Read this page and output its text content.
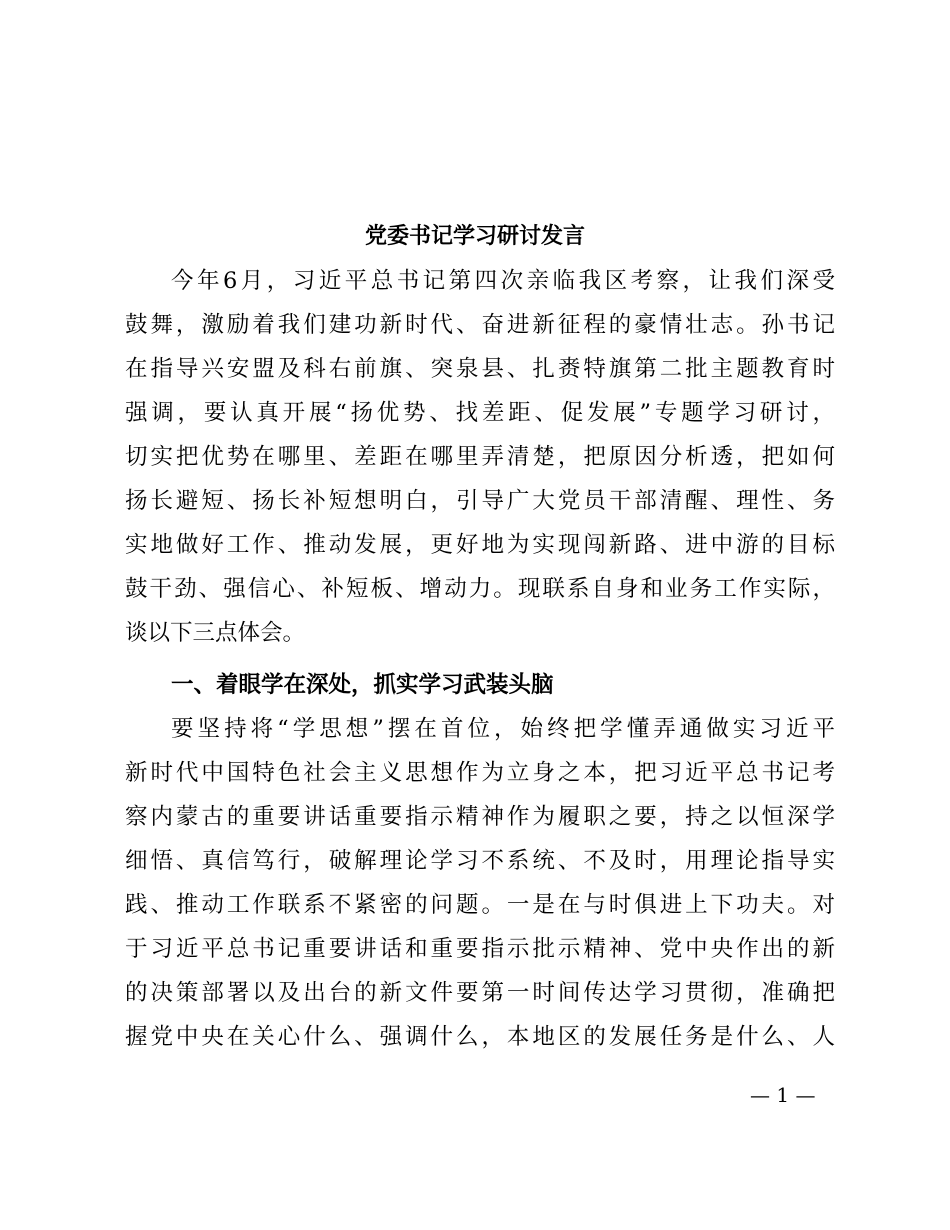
党委书记学习研讨发言

今年6月，习近平总书记第四次亲临我区考察，让我们深受

鼓舞，激励着我们建功新时代、奋进新征程的豪情壮志。孙书记

在指导兴安盟及科右前旗、突泉县、扎赉特旗第二批主题教育时

强调，要认真开展“扬优势、找差距、促发展”专题学习研讨，

切实把优势在哪里、差距在哪里弄清楚，把原因分析透，把如何

扬长避短、扬长补短想明白，引导广大党员干部清醒、理性、务

实地做好工作、推动发展，更好地为实现闯新路、进中游的目标

鼓干劲、强信心、补短板、增动力。现联系自身和业务工作实际，

谈以下三点体会。

一、着眼学在深处，抓实学习武装头脑

要坚持将“学思想”摆在首位，始终把学懂弄通做实习近平

新时代中国特色社会主义思想作为立身之本，把习近平总书记考

察内蒙古的重要讲话重要指示精神作为履职之要，持之以恒深学

细悟、真信笃行，破解理论学习不系统、不及时，用理论指导实

践、推动工作联系不紧密的问题。一是在与时俱进上下功夫。对

于习近平总书记重要讲话和重要指示批示精神、党中央作出的新

的决策部署以及出台的新文件要第一时间传达学习贯彻，准确把

握党中央在关心什么、强调什么，本地区的发展任务是什么、人

— 1 —
